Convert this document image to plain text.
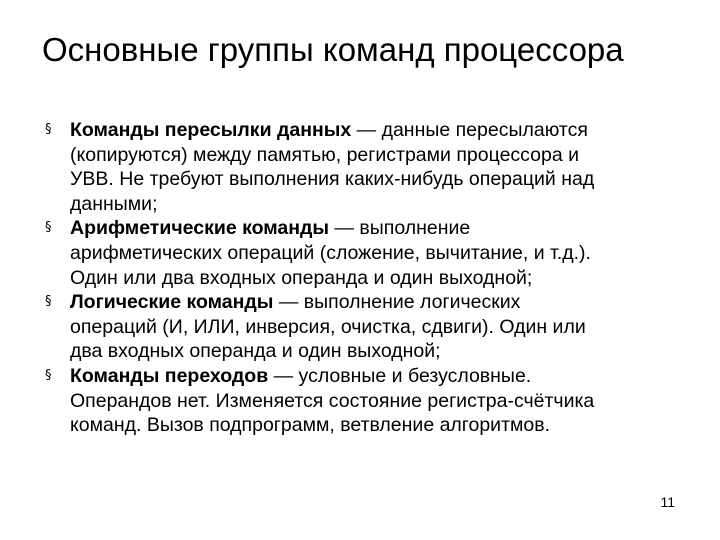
Основные группы команд процессора
§ Команды пересылки данных — данные пересылаются
(копируются) между памятью, регистрами процессора и
УВВ. Не требуют выполнения каких-нибудь операций над
данными;
§ Арифметические команды — выполнение
арифметических операций (сложение, вычитание, и т.д.).
Один или два входных операнда и один выходной;
§ Логические команды — выполнение логических
операций (И, ИЛИ, инверсия, очистка, сдвиги). Один или
два входных операнда и один выходной;
§ Команды переходов — условные и безусловные.
Операндов нет. Изменяется состояние регистра-счётчика
команд. Вызов подпрограмм, ветвление алгоритмов.
11
